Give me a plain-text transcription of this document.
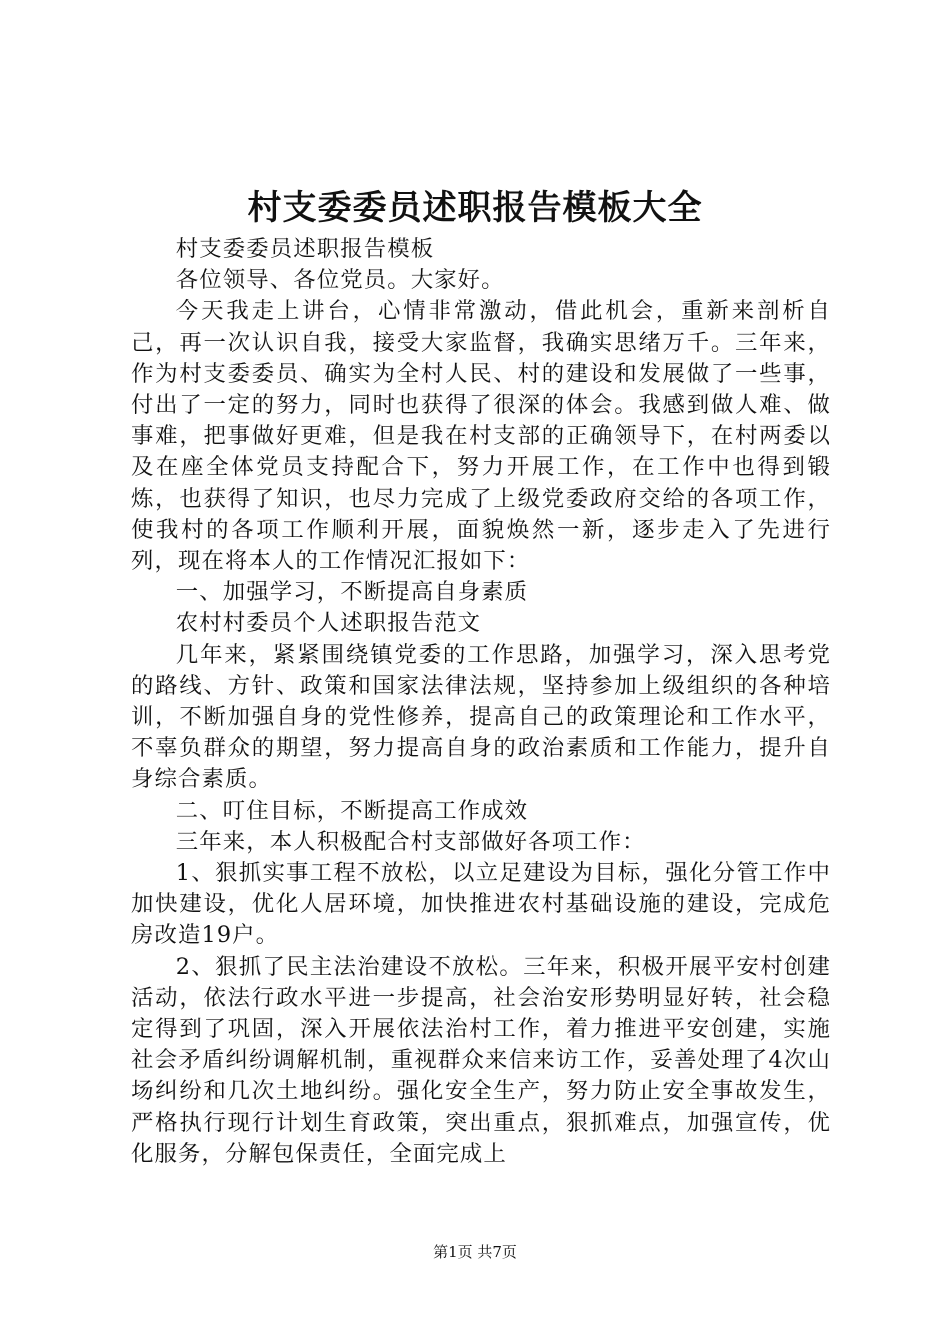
村支委委员述职报告模板大全

村支委委员述职报告模板

各位领导、各位党员。大家好。

今天我走上讲台，心情非常激动，借此机会，重新来剖析自己，再一次认识自我，接受大家监督，我确实思绪万千。三年来，作为村支委委员、确实为全村人民、村的建设和发展做了一些事，付出了一定的努力，同时也获得了很深的体会。我感到做人难、做事难，把事做好更难，但是我在村支部的正确领导下，在村两委以及在座全体党员支持配合下，努力开展工作，在工作中也得到锻炼，也获得了知识，也尽力完成了上级党委政府交给的各项工作，使我村的各项工作顺利开展，面貌焕然一新，逐步走入了先进行列，现在将本人的工作情况汇报如下：

一、加强学习，不断提高自身素质

农村村委员个人述职报告范文

几年来，紧紧围绕镇党委的工作思路，加强学习，深入思考党的路线、方针、政策和国家法律法规，坚持参加上级组织的各种培训，不断加强自身的党性修养，提高自己的政策理论和工作水平，不辜负群众的期望，努力提高自身的政治素质和工作能力，提升自身综合素质。

二、叮住目标，不断提高工作成效

三年来，本人积极配合村支部做好各项工作：

1、狠抓实事工程不放松，以立足建设为目标，强化分管工作中加快建设，优化人居环境，加快推进农村基础设施的建设，完成危房改造19户。

2、狠抓了民主法治建设不放松。三年来，积极开展平安村创建活动，依法行政水平进一步提高，社会治安形势明显好转，社会稳定得到了巩固，深入开展依法治村工作，着力推进平安创建，实施社会矛盾纠纷调解机制，重视群众来信来访工作，妥善处理了4次山场纠纷和几次土地纠纷。强化安全生产，努力防止安全事故发生，严格执行现行计划生育政策，突出重点，狠抓难点，加强宣传，优化服务，分解包保责任，全面完成上

第1页 共7页
